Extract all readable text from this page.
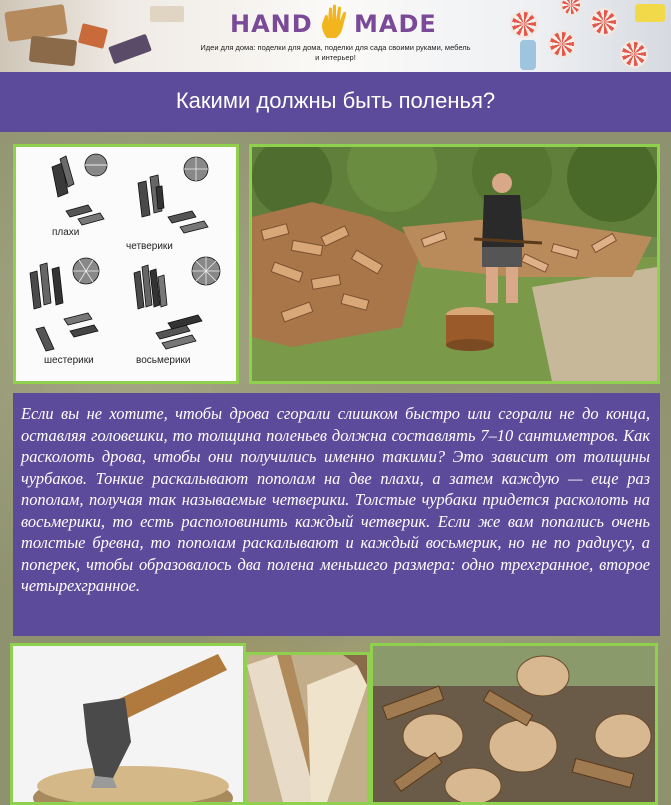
HAND MADE
Идеи для дома: поделки для дома, поделки для сада своими руками, мебель и интерьер!
Какими должны быть поленья?
плахи
четверики
шестерики	восьмерики

Если вы не хотите, чтобы дрова сгорали слишком быстро или сгорали не до конца, оставляя головешки, то толщина поленьев должна составлять 7–10 сантиметров. Как расколоть дрова, чтобы они получились именно такими? Это зависит от толщины чурбаков. Тонкие раскалывают пополам на две плахи, а затем каждую — еще раз пополам, получая так называемые четверики. Толстые чурбаки придется расколоть на восьмерики, то есть располовинить каждый четверик. Если же вам попались очень толстые бревна, то пополам раскалывают и каждый восьмерик, но не по радиусу, а поперек, чтобы образовалось два полена меньшего размера: одно трехгранное, второе четырехгранное.
